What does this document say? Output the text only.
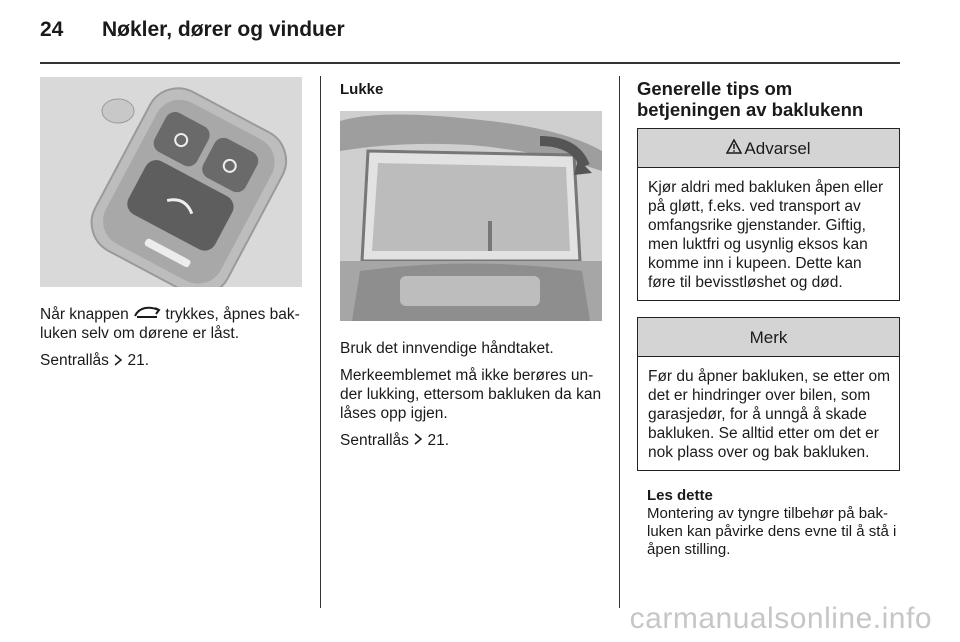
24 Nøkler, dører og vinduer

Når knappen  trykkes, åpnes bak-luken selv om dørene er låst.

Sentrallås  21.

Lukke

Bruk det innvendige håndtaket.

Merkeemblemet må ikke berøres un-der lukking, ettersom bakluken da kan låses opp igjen.

Sentrallås  21.

Generelle tips om betjeningen av baklukenn
Advarsel
Kjør aldri med bakluken åpen eller på gløtt, f.eks. ved transport av omfangsrike gjenstander. Giftig, men luktfri og usynlig eksos kan komme inn i kupeen. Dette kan føre til bevisstløshet og død.
Merk
Før du åpner bakluken, se etter om det er hindringer over bilen, som garasjedør, for å unngå å skade bakluken. Se alltid etter om det er nok plass over og bak bakluken.
Les dette
Montering av tyngre tilbehør på bak-luken kan påvirke dens evne til å stå i åpen stilling.
carmanualsonline.info
